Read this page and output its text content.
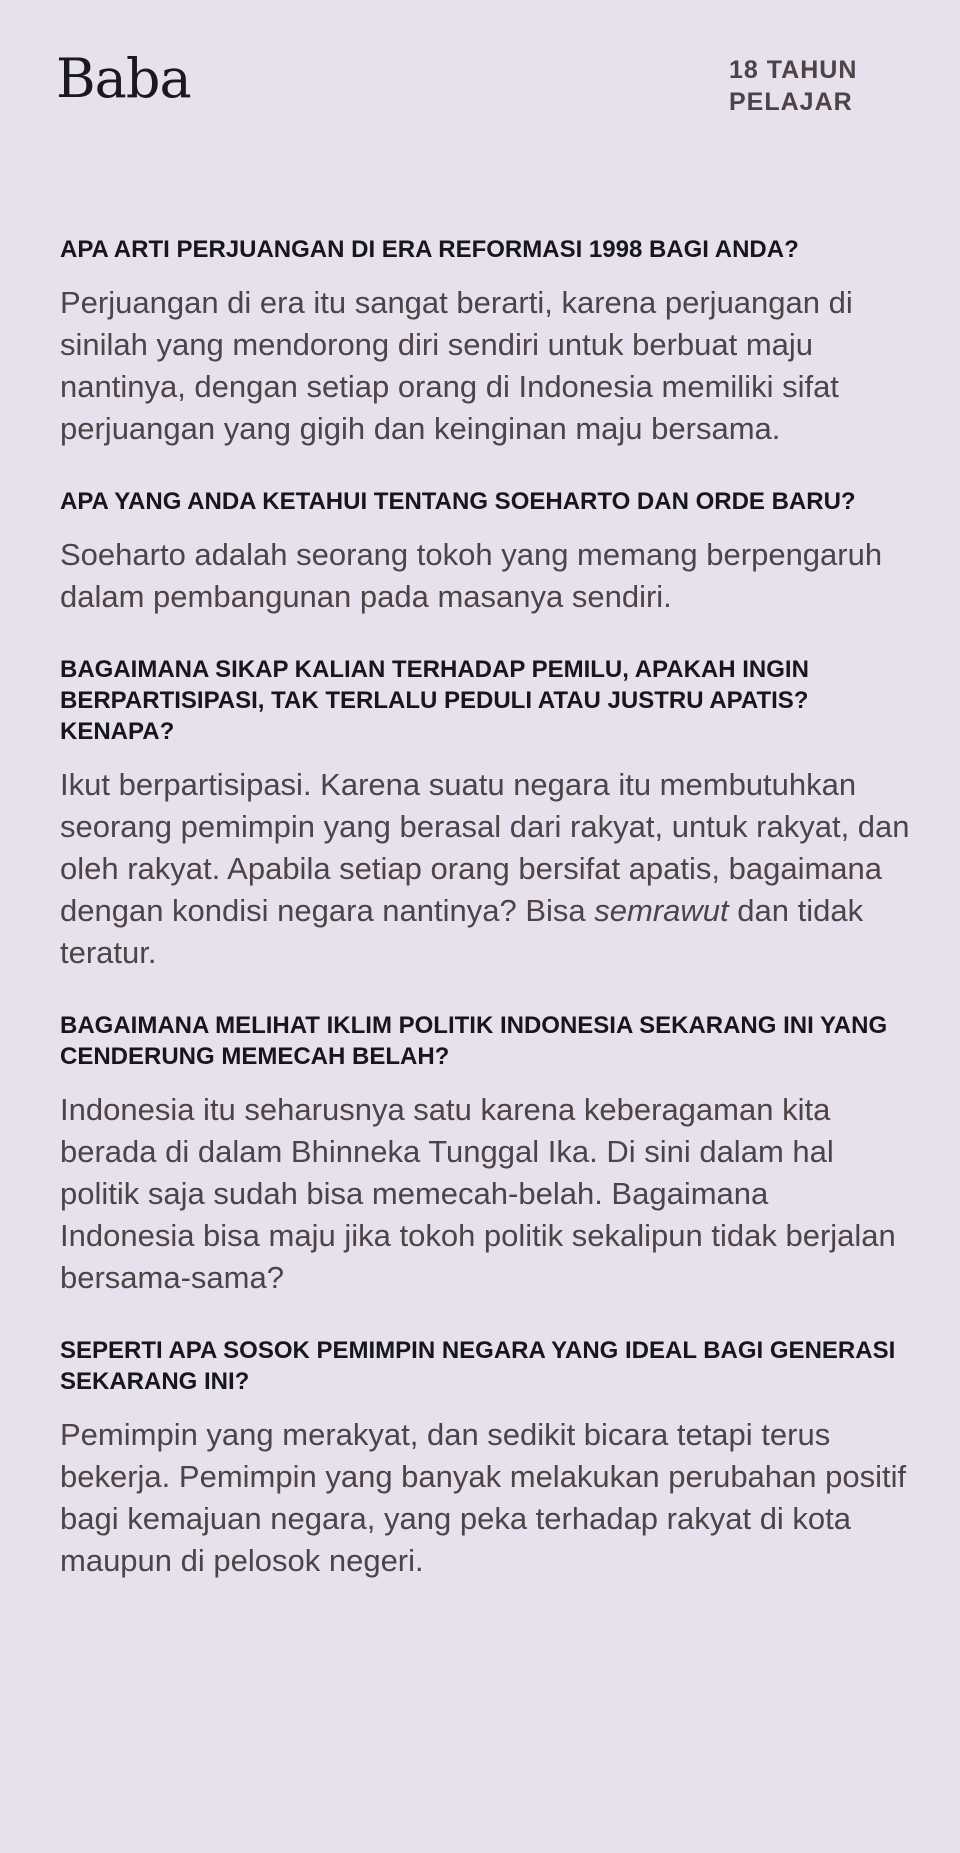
Baba	18 TAHUN
PELAJAR
APA ARTI PERJUANGAN DI ERA REFORMASI 1998 BAGI ANDA?

Perjuangan di era itu sangat berarti, karena perjuangan di sinilah yang mendorong diri sendiri untuk berbuat maju nantinya, dengan setiap orang di Indonesia memiliki sifat perjuangan yang gigih dan keinginan maju bersama.

APA YANG ANDA KETAHUI TENTANG SOEHARTO DAN ORDE BARU?

Soeharto adalah seorang tokoh yang memang berpengaruh dalam pembangunan pada masanya sendiri.

BAGAIMANA SIKAP KALIAN TERHADAP PEMILU, APAKAH INGIN BERPARTISIPASI, TAK TERLALU PEDULI ATAU JUSTRU APATIS? KENAPA?

Ikut berpartisipasi. Karena suatu negara itu membutuhkan seorang pemimpin yang berasal dari rakyat, untuk rakyat, dan oleh rakyat. Apabila setiap orang bersifat apatis, bagaimana dengan kondisi negara nantinya? Bisa semrawut dan tidak teratur.

BAGAIMANA MELIHAT IKLIM POLITIK INDONESIA SEKARANG INI YANG CENDERUNG MEMECAH BELAH?

Indonesia itu seharusnya satu karena keberagaman kita berada di dalam Bhinneka Tunggal Ika. Di sini dalam hal politik saja sudah bisa memecah-belah. Bagaimana Indonesia bisa maju jika tokoh politik sekalipun tidak berjalan bersama-sama?

SEPERTI APA SOSOK PEMIMPIN NEGARA YANG IDEAL BAGI GENERASI SEKARANG INI?

Pemimpin yang merakyat, dan sedikit bicara tetapi terus bekerja. Pemimpin yang banyak melakukan perubahan positif bagi kemajuan negara, yang peka terhadap rakyat di kota maupun di pelosok negeri.
